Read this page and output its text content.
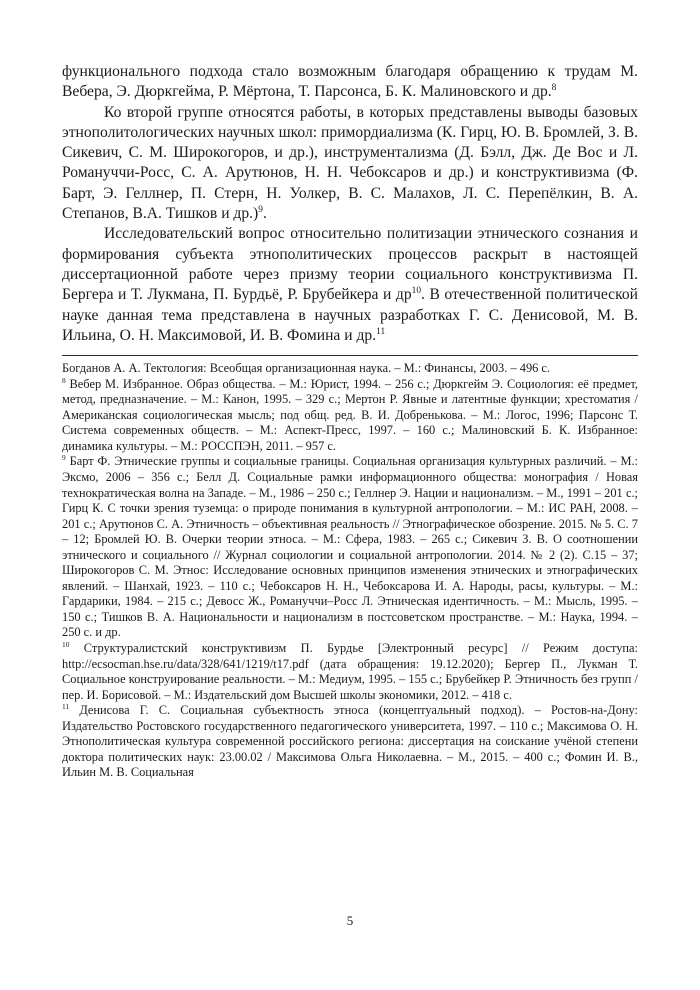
функционального подхода стало возможным благодаря обращению к трудам М. Вебера, Э. Дюркгейма, Р. Мёртона, Т. Парсонса, Б. К. Малиновского и др.$^8$

Ко второй группе относятся работы, в которых представлены выводы базовых этнополитологических научных школ: примордиализма (К. Гирц, Ю. В. Бромлей, З. В. Сикевич, С. М. Широкогоров, и др.), инструментализма (Д. Бэлл, Дж. Де Вос и Л. Романуччи-Росс, С. А. Арутюнов, Н. Н. Чебоксаров и др.) и конструктивизма (Ф. Барт, Э. Геллнер, П. Стерн, Н. Уолкер, В. С. Малахов, Л. С. Перепёлкин, В. А. Степанов, В.А. Тишков и др.)$^9$.

Исследовательский вопрос относительно политизации этнического сознания и формирования субъекта этнополитических процессов раскрыт в настоящей диссертационной работе через призму теории социального конструктивизма П. Бергера и Т. Лукмана, П. Бурдьё, Р. Брубейкера и $др^{10}$. В отечественной политической науке данная тема представлена в научных разработках Г. С. Денисовой, М. В. Ильина, О. Н. Максимовой, И. В. Фомина и др.$^{11}$

Богданов А. А. Тектология: Всеобщая организационная наука. – М.: Финансы, 2003. – 496 с.

$^8$ Вебер М. Избранное. Образ общества. – М.: Юрист, 1994. – 256 с.; Дюркгейм Э. Социология: её предмет, метод, предназначение. – М.: Канон, 1995. – 329 с.; Мертон Р. Явные и латентные функции; хрестоматия / Американская социологическая мысль; под общ. ред. В. И. Добренькова. – М.: Логос, 1996; Парсонс Т. Система современных обществ. – М.: Аспект-Пресс, 1997. – 160 с.; Малиновский Б. К. Избранное: динамика культуры. – М.: РОССПЭН, 2011. – 957 с.

$^9$ Барт Ф. Этнические группы и социальные границы. Социальная организация культурных различий. – М.: Эксмо, 2006 – 356 с.; Белл Д. Социальные рамки информационного общества: монография / Новая технократическая волна на Западе. – М., 1986 – 250 с.; Геллнер Э. Нации и национализм. – М., 1991 – 201 с.; Гирц К. С точки зрения туземца: о природе понимания в культурной антропологии. – М.: ИС РАН, 2008. – 201 с.; Арутюнов С. А. Этничность – объективная реальность // Этнографическое обозрение. 2015. № 5. С. 7 – 12; Бромлей Ю. В. Очерки теории этноса. – М.: Сфера, 1983. – 265 с.; Сикевич З. В. О соотношении этнического и социального // Журнал социологии и социальной антропологии. 2014. № 2 (2). С.15 – 37; Широкогоров С. М. Этнос: Исследование основных принципов изменения этнических и этнографических явлений. – Шанхай, 1923. – 110 с.; Чебоксаров Н. Н., Чебоксарова И. А. Народы, расы, культуры. – М.: Гардарики, 1984. – 215 с.; Девосс Ж., Романуччи–Росс Л. Этническая идентичность. – М.: Мысль, 1995. – 150 с.; Тишков В. А. Национальности и национализм в постсоветском пространстве. – М.: Наука, 1994. – 250 с. и др.

$^{10}$ Структуралистский конструктивизм П. Бурдье [Электронный ресурс] // Режим доступа: http://ecsocman.hse.ru/data/328/641/1219/t17.pdf (дата обращения: 19.12.2020); Бергер П., Лукман Т. Социальное конструирование реальности. – М.: Медиум, 1995. – 155 с.; Брубейкер Р. Этничность без групп / пер. И. Борисовой. – М.: Издательский дом Высшей школы экономики, 2012. – 418 с.

$^{11}$ Денисова Г. С. Социальная субъектность этноса (концептуальный подход). – Ростов-на-Дону: Издательство Ростовского государственного педагогического университета, 1997. – 110 с.; Максимова О. Н. Этнополитическая культура современной российского региона: диссертация на соискание учёной степени доктора политических наук: 23.00.02 / Максимова Ольга Николаевна. – М., 2015. – 400 с.; Фомин И. В., Ильин М. В. Социальная

5
